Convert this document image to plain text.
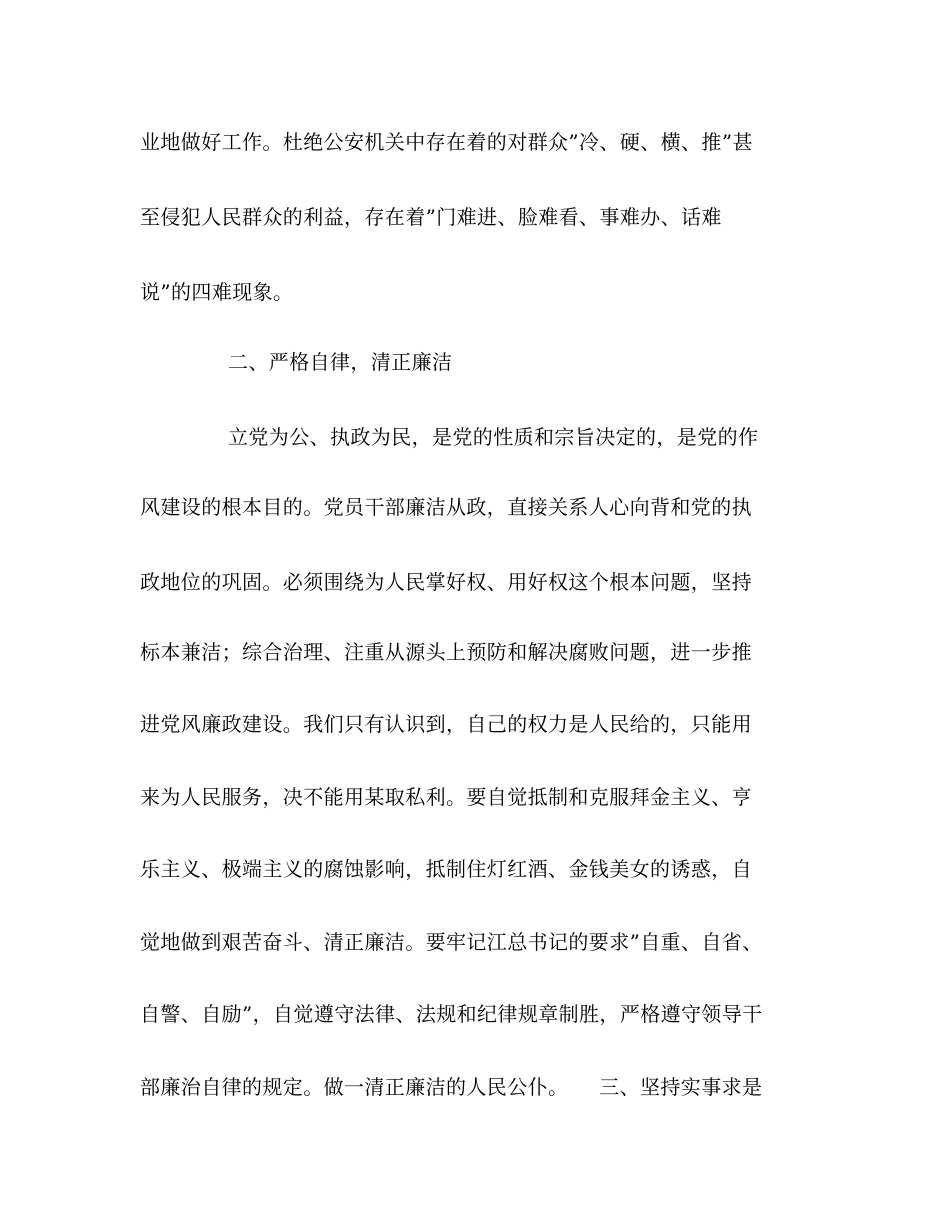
业地做好工作。杜绝公安机关中存在着的对群众”冷、硬、横、推”甚
至侵犯人民群众的利益，存在着”门难进、脸难看、事难办、话难
说”的四难现象。
二、严格自律，清正廉洁
立党为公、执政为民，是党的性质和宗旨决定的，是党的作
风建设的根本目的。党员干部廉洁从政，直接关系人心向背和党的执
政地位的巩固。必须围绕为人民掌好权、用好权这个根本问题，坚持
标本兼洁；综合治理、注重从源头上预防和解决腐败问题，进一步推
进党风廉政建设。我们只有认识到，自己的权力是人民给的，只能用
来为人民服务，决不能用某取私利。要自觉抵制和克服拜金主义、亨
乐主义、极端主义的腐蚀影响，抵制住灯红酒、金钱美女的诱惑，自
觉地做到艰苦奋斗、清正廉洁。要牢记江总书记的要求”自重、自省、
自警、自励”，自觉遵守法律、法规和纪律规章制胜，严格遵守领导干
部廉治自律的规定。做一清正廉洁的人民公仆。　　三、坚持实事求是
